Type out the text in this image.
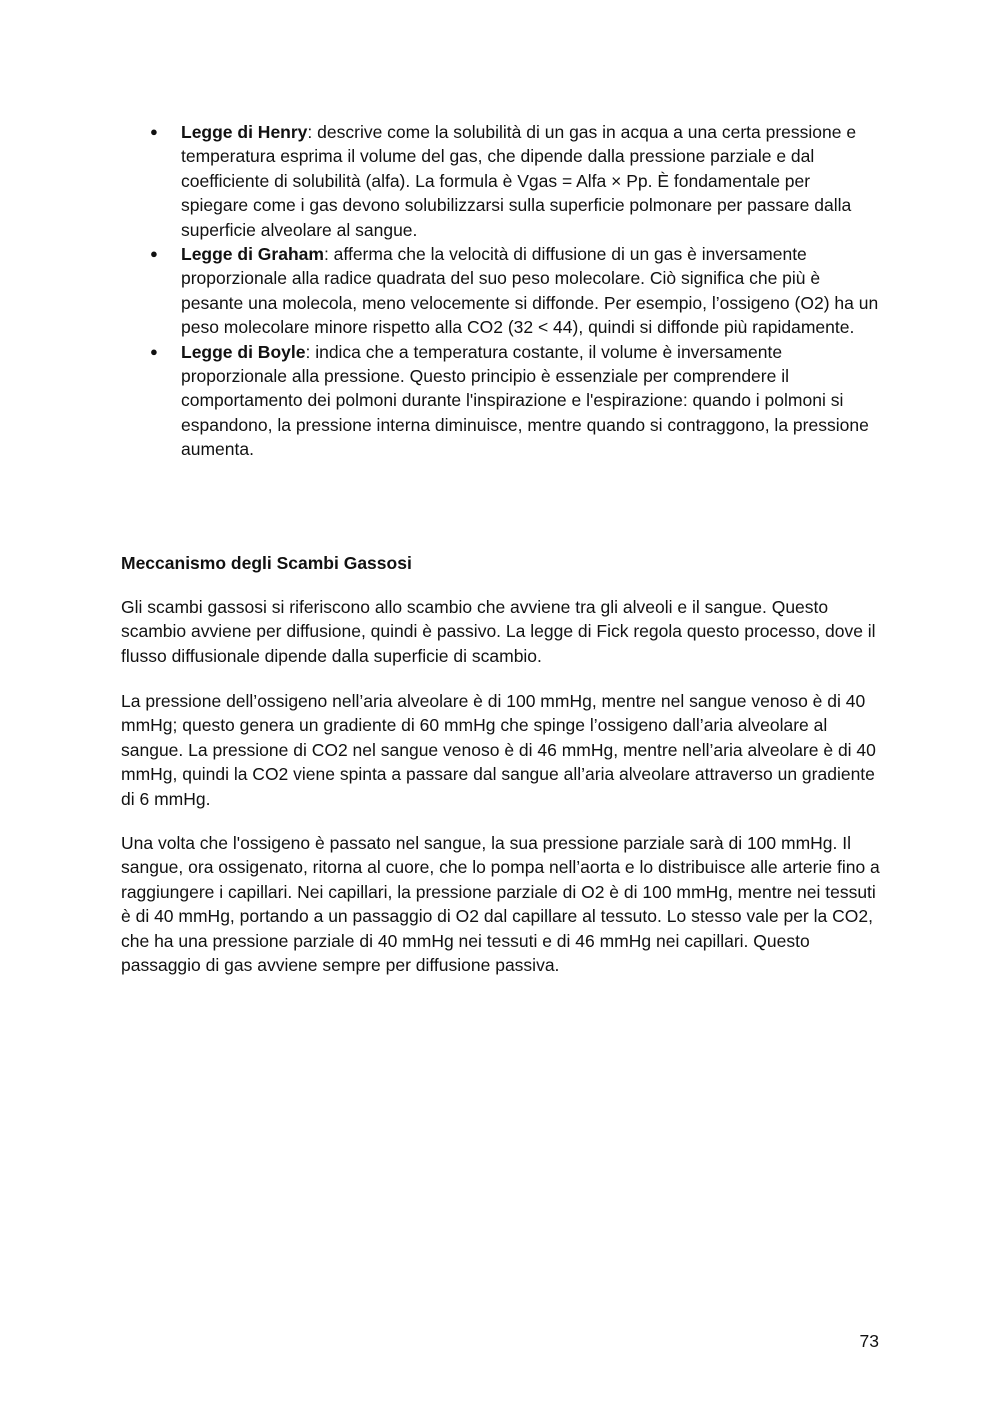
● Legge di Henry: descrive come la solubilità di un gas in acqua a una certa pressione e temperatura esprima il volume del gas, che dipende dalla pressione parziale e dal coefficiente di solubilità (alfa). La formula è Vgas = Alfa × Pp. È fondamentale per spiegare come i gas devono solubilizzarsi sulla superficie polmonare per passare dalla superficie alveolare al sangue.
● Legge di Graham: afferma che la velocità di diffusione di un gas è inversamente proporzionale alla radice quadrata del suo peso molecolare. Ciò significa che più è pesante una molecola, meno velocemente si diffonde. Per esempio, l’ossigeno (O2) ha un peso molecolare minore rispetto alla CO2 (32 < 44), quindi si diffonde più rapidamente.
● Legge di Boyle: indica che a temperatura costante, il volume è inversamente proporzionale alla pressione. Questo principio è essenziale per comprendere il comportamento dei polmoni durante l'inspirazione e l'espirazione: quando i polmoni si espandono, la pressione interna diminuisce, mentre quando si contraggono, la pressione aumenta.
Meccanismo degli Scambi Gassosi

Gli scambi gassosi si riferiscono allo scambio che avviene tra gli alveoli e il sangue. Questo scambio avviene per diffusione, quindi è passivo. La legge di Fick regola questo processo, dove il flusso diffusionale dipende dalla superficie di scambio.

La pressione dell’ossigeno nell’aria alveolare è di 100 mmHg, mentre nel sangue venoso è di 40 mmHg; questo genera un gradiente di 60 mmHg che spinge l’ossigeno dall’aria alveolare al sangue. La pressione di CO2 nel sangue venoso è di 46 mmHg, mentre nell’aria alveolare è di 40 mmHg, quindi la CO2 viene spinta a passare dal sangue all’aria alveolare attraverso un gradiente di 6 mmHg.

Una volta che l'ossigeno è passato nel sangue, la sua pressione parziale sarà di 100 mmHg. Il sangue, ora ossigenato, ritorna al cuore, che lo pompa nell’aorta e lo distribuisce alle arterie fino a raggiungere i capillari. Nei capillari, la pressione parziale di O2 è di 100 mmHg, mentre nei tessuti è di 40 mmHg, portando a un passaggio di O2 dal capillare al tessuto. Lo stesso vale per la CO2, che ha una pressione parziale di 40 mmHg nei tessuti e di 46 mmHg nei capillari. Questo passaggio di gas avviene sempre per diffusione passiva.

73
